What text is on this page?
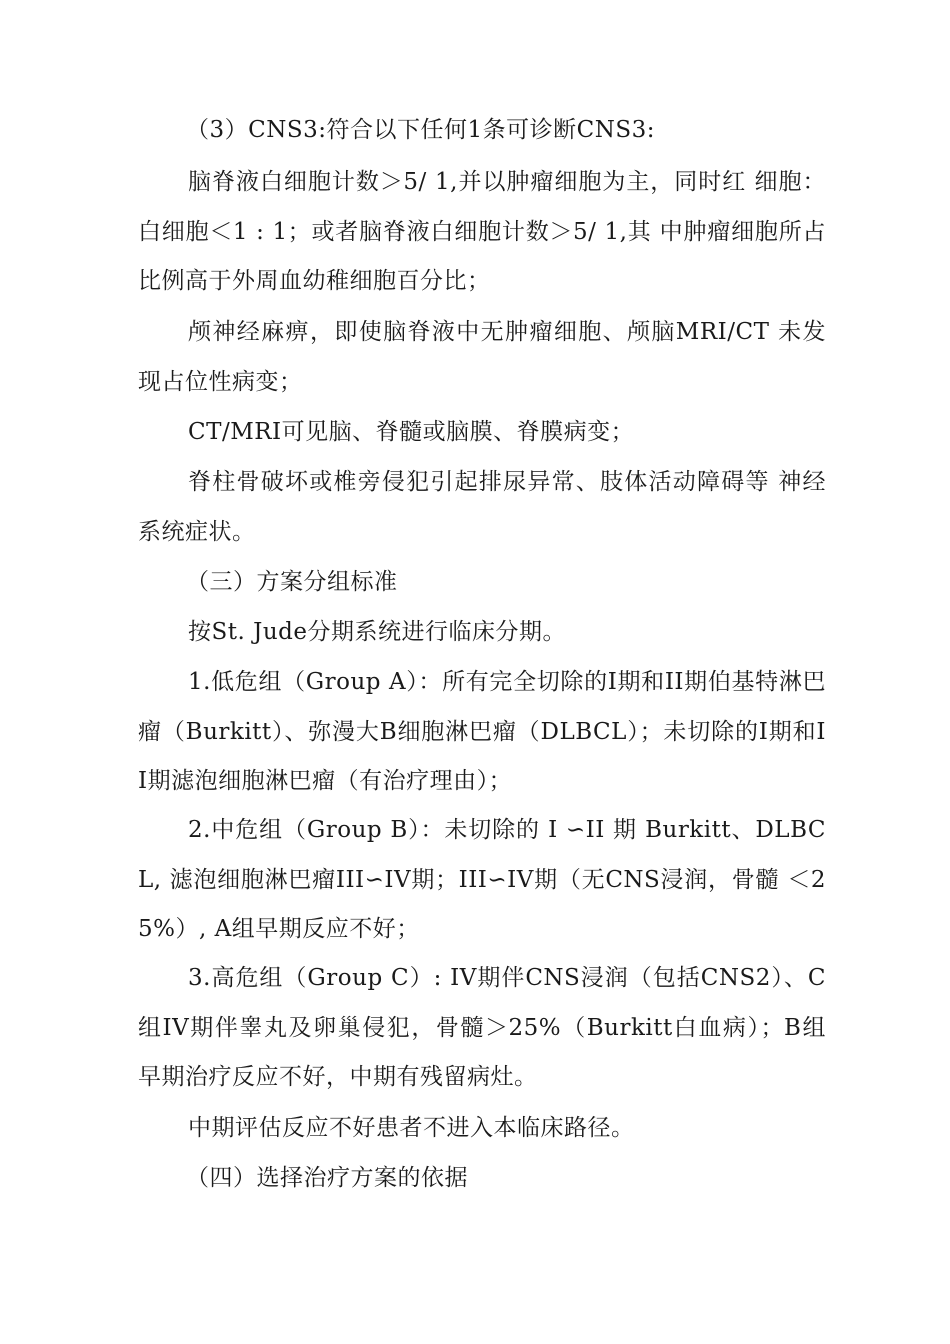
（3）CNS3:符合以下任何1条可诊断CNS3:

脑脊液白细胞计数＞5/ 1,并以肿瘤细胞为主，同时红 细胞：白细胞＜1 : 1；或者脑脊液白细胞计数＞5/ 1,其 中肿瘤细胞所占比例高于外周血幼稚细胞百分比；

颅神经麻痹，即使脑脊液中无肿瘤细胞、颅脑MRI/CT 未发现占位性病变；

CT/MRI可见脑、脊髓或脑膜、脊膜病变；

脊柱骨破坏或椎旁侵犯引起排尿异常、肢体活动障碍等 神经系统症状。

（三）方案分组标准

按St. Jude分期系统进行临床分期。

1.低危组（Group A）：所有完全切除的I期和II期伯基特淋巴瘤（Burkitt）、弥漫大B细胞淋巴瘤（DLBCL）；未切除的I期和II期滤泡细胞淋巴瘤（有治疗理由）；

2.中危组（Group B）：未切除的 I ∽II 期 Burkitt、DLBCL, 滤泡细胞淋巴瘤III∽IV期；III∽IV期（无CNS浸润，骨髓 ＜25%）, A组早期反应不好；

3.高危组（Group C）: IV期伴CNS浸润（包括CNS2）、C组IV期伴睾丸及卵巢侵犯，骨髓＞25%（Burkitt白血病）；B组早期治疗反应不好，中期有残留病灶。

中期评估反应不好患者不进入本临床路径。

（四）选择治疗方案的依据
